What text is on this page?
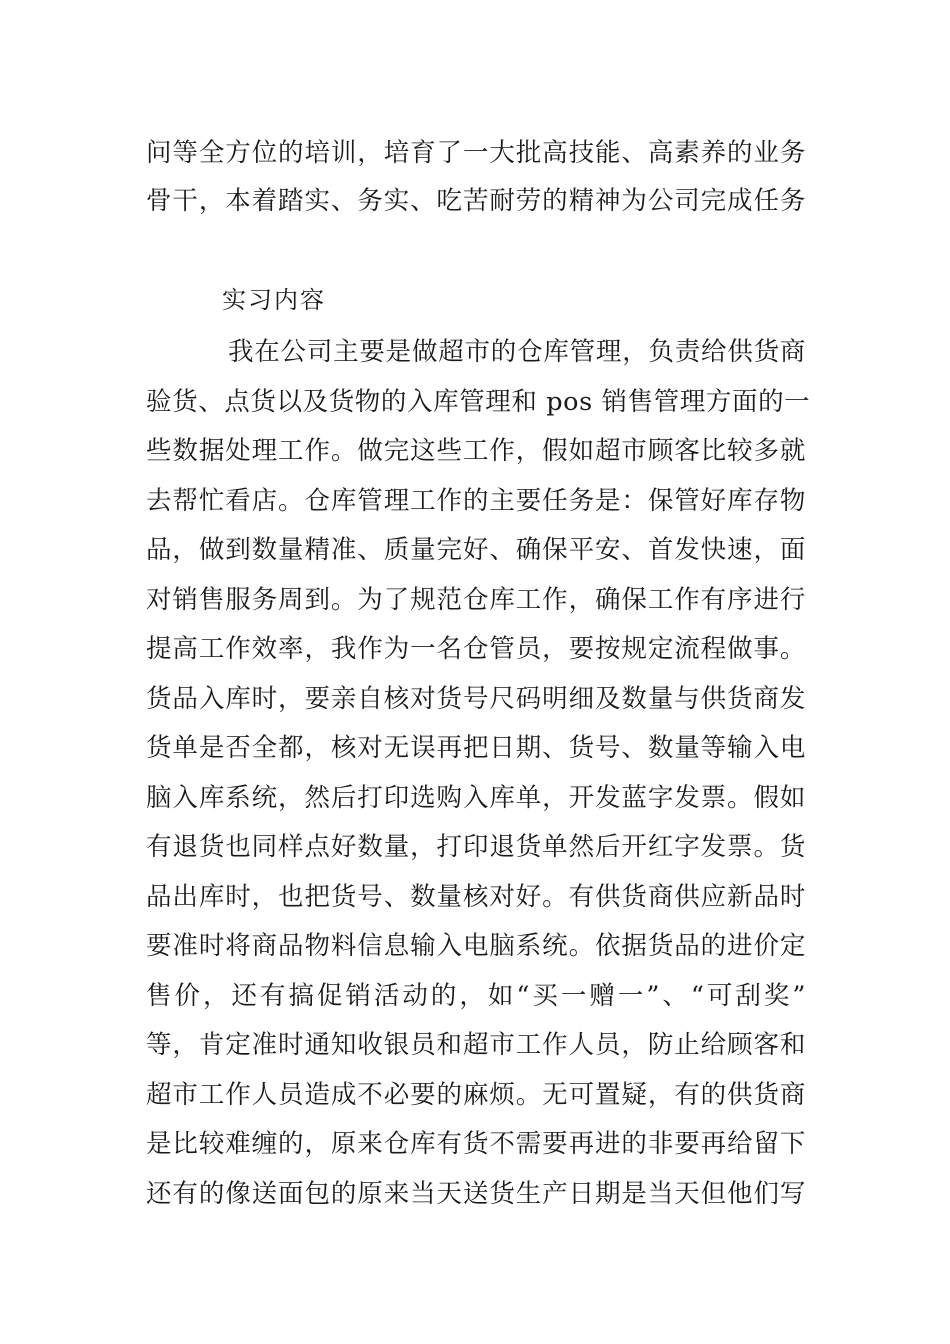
问等全方位的培训，培育了一大批高技能、高素养的业务
骨干，本着踏实、务实、吃苦耐劳的精神为公司完成任务
实习内容
我在公司主要是做超市的仓库管理，负责给供货商
验货、点货以及货物的入库管理和 pos 销售管理方面的一
些数据处理工作。做完这些工作，假如超市顾客比较多就
去帮忙看店。仓库管理工作的主要任务是：保管好库存物
品，做到数量精准、质量完好、确保平安、首发快速，面
对销售服务周到。为了规范仓库工作，确保工作有序进行
提高工作效率，我作为一名仓管员，要按规定流程做事。
货品入库时，要亲自核对货号尺码明细及数量与供货商发
货单是否全都，核对无误再把日期、货号、数量等输入电
脑入库系统，然后打印选购入库单，开发蓝字发票。假如
有退货也同样点好数量，打印退货单然后开红字发票。货
品出库时，也把货号、数量核对好。有供货商供应新品时
要准时将商品物料信息输入电脑系统。依据货品的进价定
售价，还有搞促销活动的，如“买一赠一”、“可刮奖”
等，肯定准时通知收银员和超市工作人员，防止给顾客和
超市工作人员造成不必要的麻烦。无可置疑，有的供货商
是比较难缠的，原来仓库有货不需要再进的非要再给留下
还有的像送面包的原来当天送货生产日期是当天但他们写
